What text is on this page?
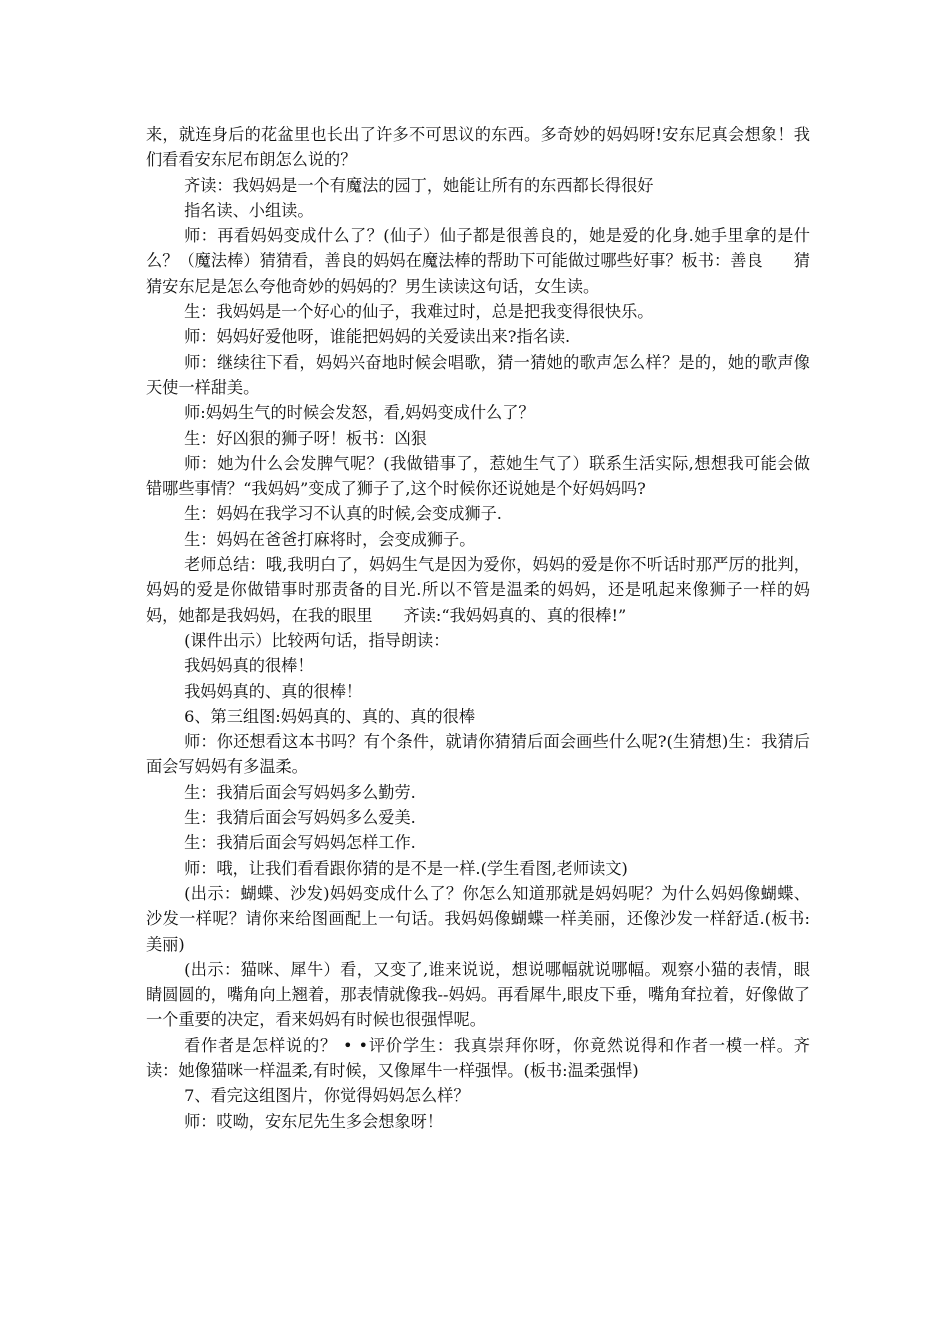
来，就连身后的花盆里也长出了许多不可思议的东西。多奇妙的妈妈呀!安东尼真会想象！我们看看安东尼布朗怎么说的？

齐读：我妈妈是一个有魔法的园丁，她能让所有的东西都长得很好

指名读、小组读。

师：再看妈妈变成什么了？(仙子）仙子都是很善良的，她是爱的化身.她手里拿的是什么？（魔法棒）猜猜看，善良的妈妈在魔法棒的帮助下可能做过哪些好事？板书：善良      猜猜安东尼是怎么夸他奇妙的妈妈的？男生读读这句话，女生读。

生：我妈妈是一个好心的仙子，我难过时，总是把我变得很快乐。

师：妈妈好爱他呀，谁能把妈妈的关爱读出来?指名读.

师：继续往下看，妈妈兴奋地时候会唱歌，猜一猜她的歌声怎么样？是的，她的歌声像天使一样甜美。

师:妈妈生气的时候会发怒，看,妈妈变成什么了？

生：好凶狠的狮子呀！板书：凶狠

师：她为什么会发脾气呢？(我做错事了，惹她生气了）联系生活实际,想想我可能会做错哪些事情？“我妈妈”变成了狮子了,这个时候你还说她是个好妈妈吗?

生：妈妈在我学习不认真的时候,会变成狮子.

生：妈妈在爸爸打麻将时，会变成狮子。

老师总结：哦,我明白了，妈妈生气是因为爱你，妈妈的爱是你不听话时那严厉的批判，妈妈的爱是你做错事时那责备的目光.所以不管是温柔的妈妈，还是吼起来像狮子一样的妈妈，她都是我妈妈，在我的眼里      齐读:“我妈妈真的、真的很棒!”

(课件出示）比较两句话，指导朗读：

我妈妈真的很棒！

我妈妈真的、真的很棒！

6、第三组图:妈妈真的、真的、真的很棒

师：你还想看这本书吗？有个条件，就请你猜猜后面会画些什么呢?(生猜想)生：我猜后面会写妈妈有多温柔。

生：我猜后面会写妈妈多么勤劳.

生：我猜后面会写妈妈多么爱美.

生：我猜后面会写妈妈怎样工作.

师：哦，让我们看看跟你猜的是不是一样.(学生看图,老师读文)

(出示：蝴蝶、沙发)妈妈变成什么了？你怎么知道那就是妈妈呢？为什么妈妈像蝴蝶、沙发一样呢？请你来给图画配上一句话。我妈妈像蝴蝶一样美丽，还像沙发一样舒适.(板书:美丽)

(出示：猫咪、犀牛）看，又变了,谁来说说，想说哪幅就说哪幅。观察小猫的表情，眼睛圆圆的，嘴角向上翘着，那表情就像我--妈妈。再看犀牛,眼皮下垂，嘴角耷拉着，好像做了一个重要的决定，看来妈妈有时候也很强悍呢。

看作者是怎样说的？ • •评价学生：我真崇拜你呀，你竟然说得和作者一模一样。齐读：她像猫咪一样温柔,有时候，又像犀牛一样强悍。(板书:温柔强悍)

7、看完这组图片，你觉得妈妈怎么样？

师：哎呦，安东尼先生多会想象呀！
